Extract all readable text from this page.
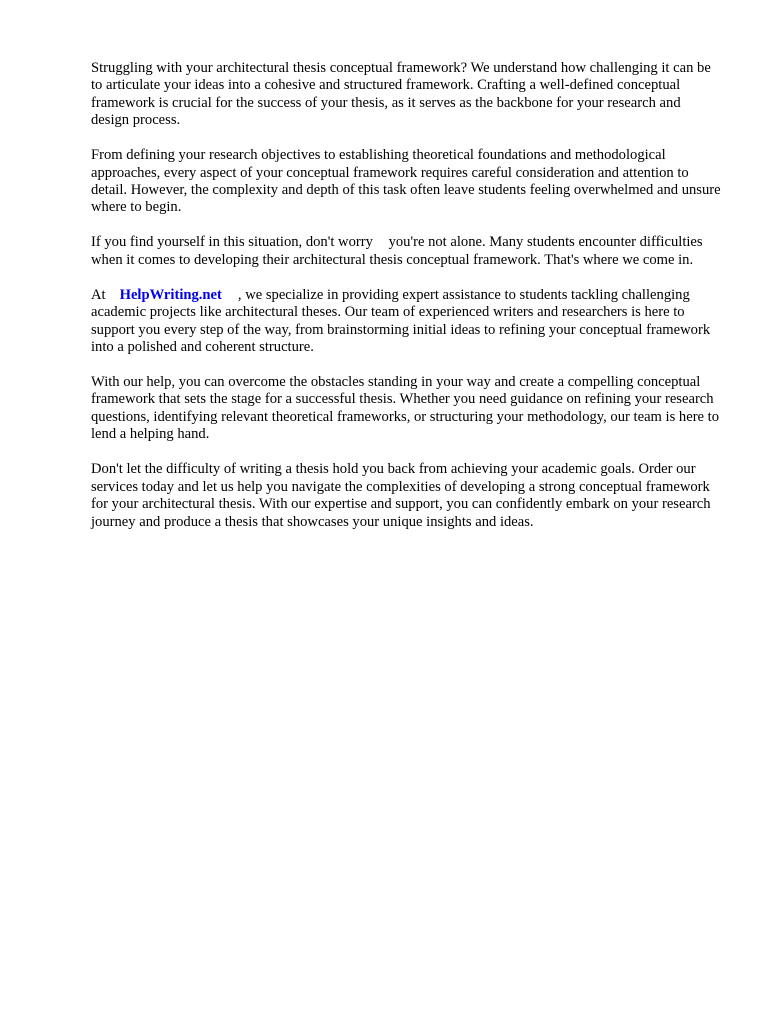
Struggling with your architectural thesis conceptual framework? We understand how challenging it can be to articulate your ideas into a cohesive and structured framework. Crafting a well-defined conceptual framework is crucial for the success of your thesis, as it serves as the backbone for your research and design process.

From defining your research objectives to establishing theoretical foundations and methodological approaches, every aspect of your conceptual framework requires careful consideration and attention to detail. However, the complexity and depth of this task often leave students feeling overwhelmed and unsure where to begin.

If you find yourself in this situation, don't worry you're not alone. Many students encounter difficulties when it comes to developing their architectural thesis conceptual framework. That's where we come in.

At HelpWriting.net , we specialize in providing expert assistance to students tackling challenging academic projects like architectural theses. Our team of experienced writers and researchers is here to support you every step of the way, from brainstorming initial ideas to refining your conceptual framework into a polished and coherent structure.

With our help, you can overcome the obstacles standing in your way and create a compelling conceptual framework that sets the stage for a successful thesis. Whether you need guidance on refining your research questions, identifying relevant theoretical frameworks, or structuring your methodology, our team is here to lend a helping hand.

Don't let the difficulty of writing a thesis hold you back from achieving your academic goals. Order our services today and let us help you navigate the complexities of developing a strong conceptual framework for your architectural thesis. With our expertise and support, you can confidently embark on your research journey and produce a thesis that showcases your unique insights and ideas.
